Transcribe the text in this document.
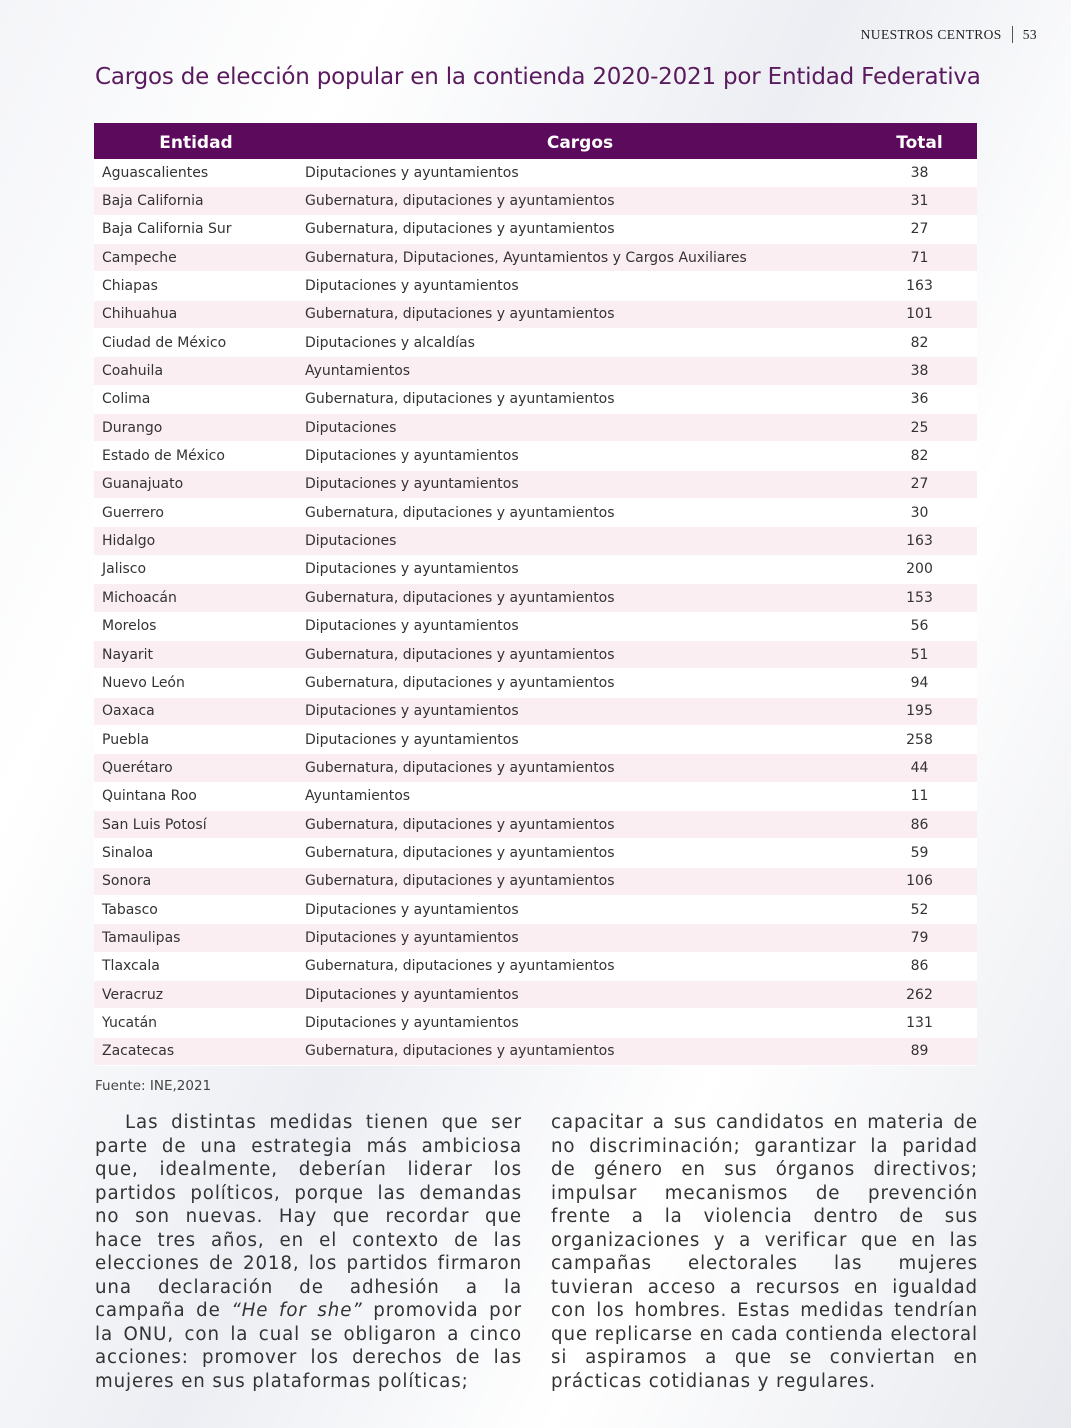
NUESTROS CENTROS 53
Cargos de elección popular en la contienda 2020-2021 por Entidad Federativa
Entidad	Cargos	Total
Aguascalientes	Diputaciones y ayuntamientos	38
Baja California	Gubernatura, diputaciones y ayuntamientos	31
Baja California Sur	Gubernatura, diputaciones y ayuntamientos	27
Campeche	Gubernatura, Diputaciones, Ayuntamientos y Cargos Auxiliares	71
Chiapas	Diputaciones y ayuntamientos	163
Chihuahua	Gubernatura, diputaciones y ayuntamientos	101
Ciudad de México	Diputaciones y alcaldías	82
Coahuila	Ayuntamientos	38
Colima	Gubernatura, diputaciones y ayuntamientos	36
Durango	Diputaciones	25
Estado de México	Diputaciones y ayuntamientos	82
Guanajuato	Diputaciones y ayuntamientos	27
Guerrero	Gubernatura, diputaciones y ayuntamientos	30
Hidalgo	Diputaciones	163
Jalisco	Diputaciones y ayuntamientos	200
Michoacán	Gubernatura, diputaciones y ayuntamientos	153
Morelos	Diputaciones y ayuntamientos	56
Nayarit	Gubernatura, diputaciones y ayuntamientos	51
Nuevo León	Gubernatura, diputaciones y ayuntamientos	94
Oaxaca	Diputaciones y ayuntamientos	195
Puebla	Diputaciones y ayuntamientos	258
Querétaro	Gubernatura, diputaciones y ayuntamientos	44
Quintana Roo	Ayuntamientos	11
San Luis Potosí	Gubernatura, diputaciones y ayuntamientos	86
Sinaloa	Gubernatura, diputaciones y ayuntamientos	59
Sonora	Gubernatura, diputaciones y ayuntamientos	106
Tabasco	Diputaciones y ayuntamientos	52
Tamaulipas	Diputaciones y ayuntamientos	79
Tlaxcala	Gubernatura, diputaciones y ayuntamientos	86
Veracruz	Diputaciones y ayuntamientos	262
Yucatán	Diputaciones y ayuntamientos	131
Zacatecas	Gubernatura, diputaciones y ayuntamientos	89
Fuente: INE,2021

Las distintas medidas tienen que ser parte de una estrategia más ambiciosa que, idealmente, deberían liderar los partidos políticos, porque las demandas no son nuevas. Hay que recordar que hace tres años, en el contexto de las elecciones de 2018, los partidos firmaron una declaración de adhesión a la campaña de “He for she” promovida por la ONU, con la cual se obligaron a cinco acciones: promover los derechos de las mujeres en sus plataformas políticas;

capacitar a sus candidatos en materia de no discriminación; garantizar la paridad de género en sus órganos directivos; impulsar mecanismos de prevención frente a la violencia dentro de sus organizaciones y a verificar que en las campañas electorales las mujeres tuvieran acceso a recursos en igualdad con los hombres. Estas medidas tendrían que replicarse en cada contienda electoral si aspiramos a que se conviertan en prácticas cotidianas y regulares.
